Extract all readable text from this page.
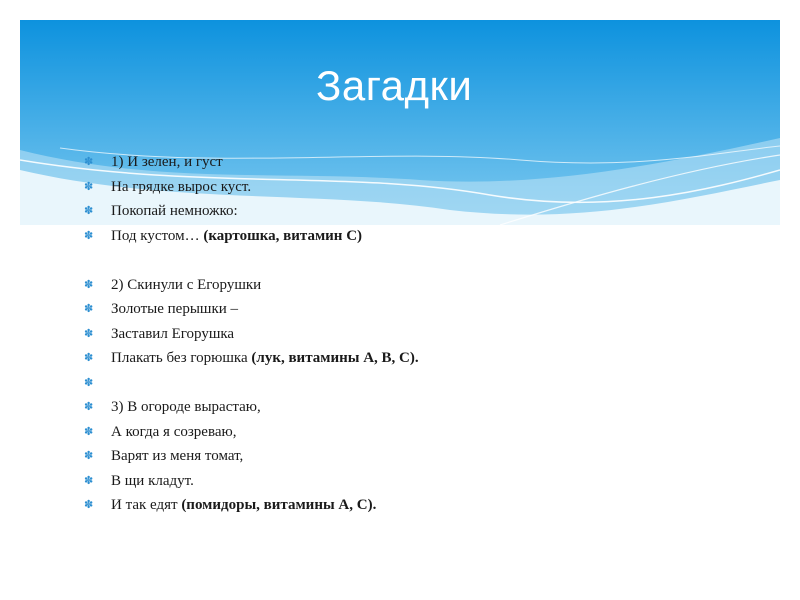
Загадки
✽ 1) И зелен, и густ
✽ На грядке вырос куст.
✽ Покопай немножко:
✽ Под кустом… (картошка, витамин С)
✽ 2) Скинули с Егорушки
✽ Золотые перышки –
✽ Заставил Егорушка
✽ Плакать без горюшка (лук, витамины А, В, С).
✽
✽ 3) В огороде вырастаю,
✽ А когда я созреваю,
✽ Варят из меня томат,
✽ В щи кладут.
✽ И так едят (помидоры, витамины А, С).
